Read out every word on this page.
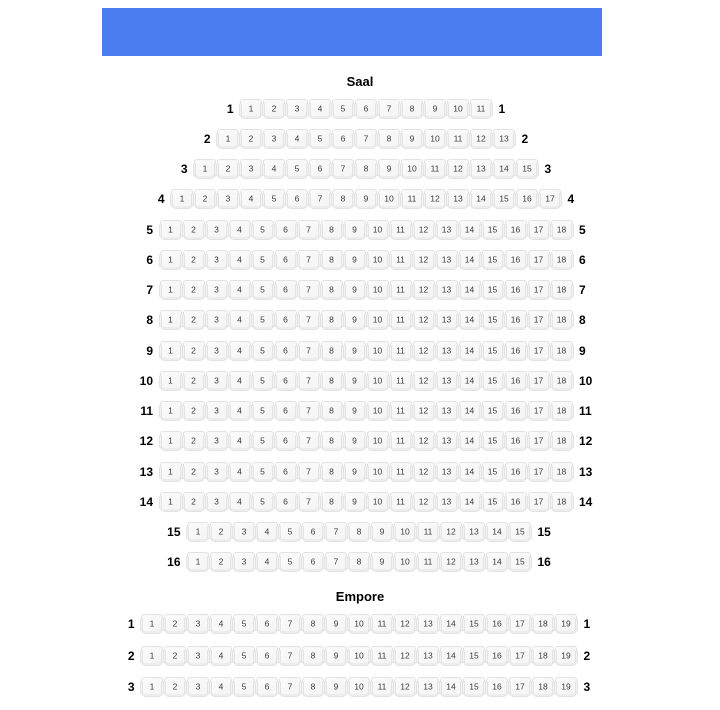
Saal
Empore
1	1 2 3 4 5 6 7 8 9 10 11	1
2	1 2 3 4 5 6 7 8 9 10 11 12 13	2
3	1 2 3 4 5 6 7 8 9 10 11 12 13 14 15	3
4	1 2 3 4 5 6 7 8 9 10 11 12 13 14 15 16 17	4
5	1 2 3 4 5 6 7 8 9 10 11 12 13 14 15 16 17 18	5
6	1 2 3 4 5 6 7 8 9 10 11 12 13 14 15 16 17 18	6
7	1 2 3 4 5 6 7 8 9 10 11 12 13 14 15 16 17 18	7
8	1 2 3 4 5 6 7 8 9 10 11 12 13 14 15 16 17 18	8
9	1 2 3 4 5 6 7 8 9 10 11 12 13 14 15 16 17 18	9
10	1 2 3 4 5 6 7 8 9 10 11 12 13 14 15 16 17 18	10
11	1 2 3 4 5 6 7 8 9 10 11 12 13 14 15 16 17 18	11
12	1 2 3 4 5 6 7 8 9 10 11 12 13 14 15 16 17 18	12
13	1 2 3 4 5 6 7 8 9 10 11 12 13 14 15 16 17 18	13
14	1 2 3 4 5 6 7 8 9 10 11 12 13 14 15 16 17 18	14
15	1 2 3 4 5 6 7 8 9 10 11 12 13 14 15	15
16	1 2 3 4 5 6 7 8 9 10 11 12 13 14 15	16
1	1 2 3 4 5 6 7 8 9 10 11 12 13 14 15 16 17 18 19	1
2	1 2 3 4 5 6 7 8 9 10 11 12 13 14 15 16 17 18 19	2
3	1 2 3 4 5 6 7 8 9 10 11 12 13 14 15 16 17 18 19	3
